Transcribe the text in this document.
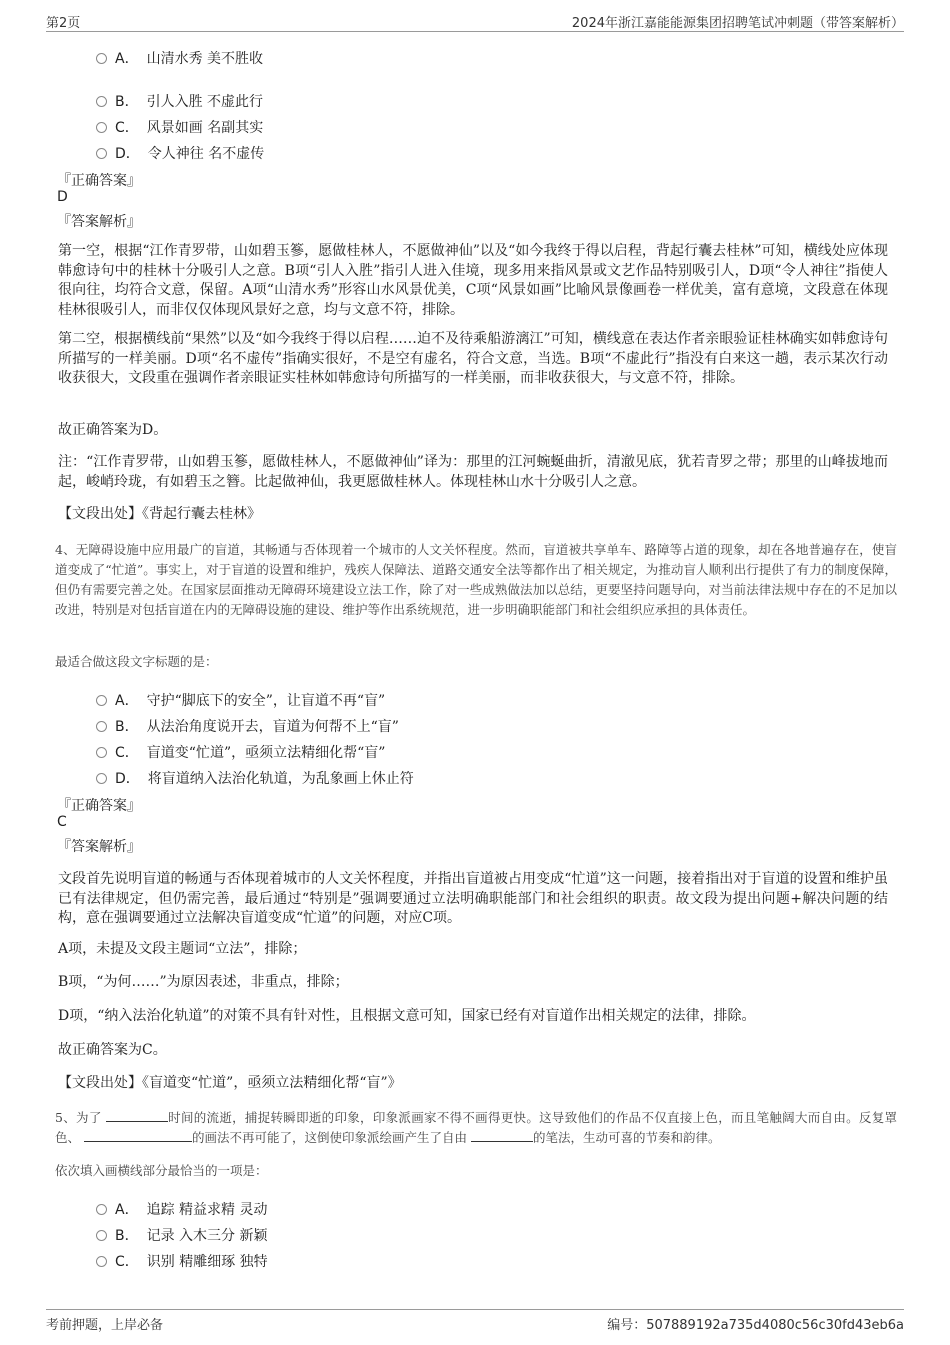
第2页	2024年浙江嘉能能源集团招聘笔试冲刺题（带答案解析）
A． 山清水秀 美不胜收
B． 引人入胜 不虚此行
C． 风景如画 名副其实
D． 令人神往 名不虚传
『正确答案』
D
『答案解析』
第一空，根据“江作青罗带，山如碧玉篸，愿做桂林人，不愿做神仙”以及“如今我终于得以启程，背起行囊去桂林”可知，横线处应体现韩愈诗句中的桂林十分吸引人之意。B项“引人入胜”指引人进入佳境，现多用来指风景或文艺作品特别吸引人，D项“令人神往”指使人很向往，均符合文意，保留。A项“山清水秀”形容山水风景优美，C项“风景如画”比喻风景像画卷一样优美，富有意境，文段意在体现桂林很吸引人，而非仅仅体现风景好之意，均与文意不符，排除。
第二空，根据横线前“果然”以及“如今我终于得以启程……迫不及待乘船游漓江”可知，横线意在表达作者亲眼验证桂林确实如韩愈诗句所描写的一样美丽。D项“名不虚传”指确实很好，不是空有虚名，符合文意，当选。B项“不虚此行”指没有白来这一趟，表示某次行动收获很大，文段重在强调作者亲眼证实桂林如韩愈诗句所描写的一样美丽，而非收获很大，与文意不符，排除。
故正确答案为D。
注：“江作青罗带，山如碧玉篸，愿做桂林人，不愿做神仙”译为：那里的江河蜿蜒曲折，清澈见底，犹若青罗之带；那里的山峰拔地而起，峻峭玲珑，有如碧玉之簪。比起做神仙，我更愿做桂林人。体现桂林山水十分吸引人之意。
【文段出处】《背起行囊去桂林》
4、无障碍设施中应用最广的盲道，其畅通与否体现着一个城市的人文关怀程度。然而，盲道被共享单车、路障等占道的现象，却在各地普遍存在，使盲道变成了“忙道”。事实上，对于盲道的设置和维护，残疾人保障法、道路交通安全法等都作出了相关规定，为推动盲人顺利出行提供了有力的制度保障，但仍有需要完善之处。在国家层面推动无障碍环境建设立法工作，除了对一些成熟做法加以总结，更要坚持问题导向，对当前法律法规中存在的不足加以改进，特别是对包括盲道在内的无障碍设施的建设、维护等作出系统规范，进一步明确职能部门和社会组织应承担的具体责任。
最适合做这段文字标题的是：
A． 守护“脚底下的安全”，让盲道不再“盲”
B． 从法治角度说开去，盲道为何帮不上“盲”
C． 盲道变“忙道”，亟须立法精细化帮“盲”
D． 将盲道纳入法治化轨道，为乱象画上休止符
『正确答案』
C
『答案解析』
文段首先说明盲道的畅通与否体现着城市的人文关怀程度，并指出盲道被占用变成“忙道”这一问题，接着指出对于盲道的设置和维护虽已有法律规定，但仍需完善，最后通过“特别是”强调要通过立法明确职能部门和社会组织的职责。故文段为提出问题+解决问题的结构，意在强调要通过立法解决盲道变成“忙道”的问题，对应C项。
A项，未提及文段主题词“立法”，排除；
B项，“为何……”为原因表述，非重点，排除；
D项，“纳入法治化轨道”的对策不具有针对性，且根据文意可知，国家已经有对盲道作出相关规定的法律，排除。
故正确答案为C。
【文段出处】《盲道变“忙道”，亟须立法精细化帮“盲”》
5、为了	时间的流逝，捕捉转瞬即逝的印象，印象派画家不得不画得更快。这导致他们的作品不仅直接上色，而且笔触阔大而自由。反复罩色、	的画法不再可能了，这倒使印象派绘画产生了自由	的笔法，生动可喜的节奏和韵律。
依次填入画横线部分最恰当的一项是：
A． 追踪 精益求精 灵动
B． 记录 入木三分 新颖
C． 识别 精雕细琢 独特
考前押题，上岸必备	编号：507889192a735d4080c56c30fd43eb6a
